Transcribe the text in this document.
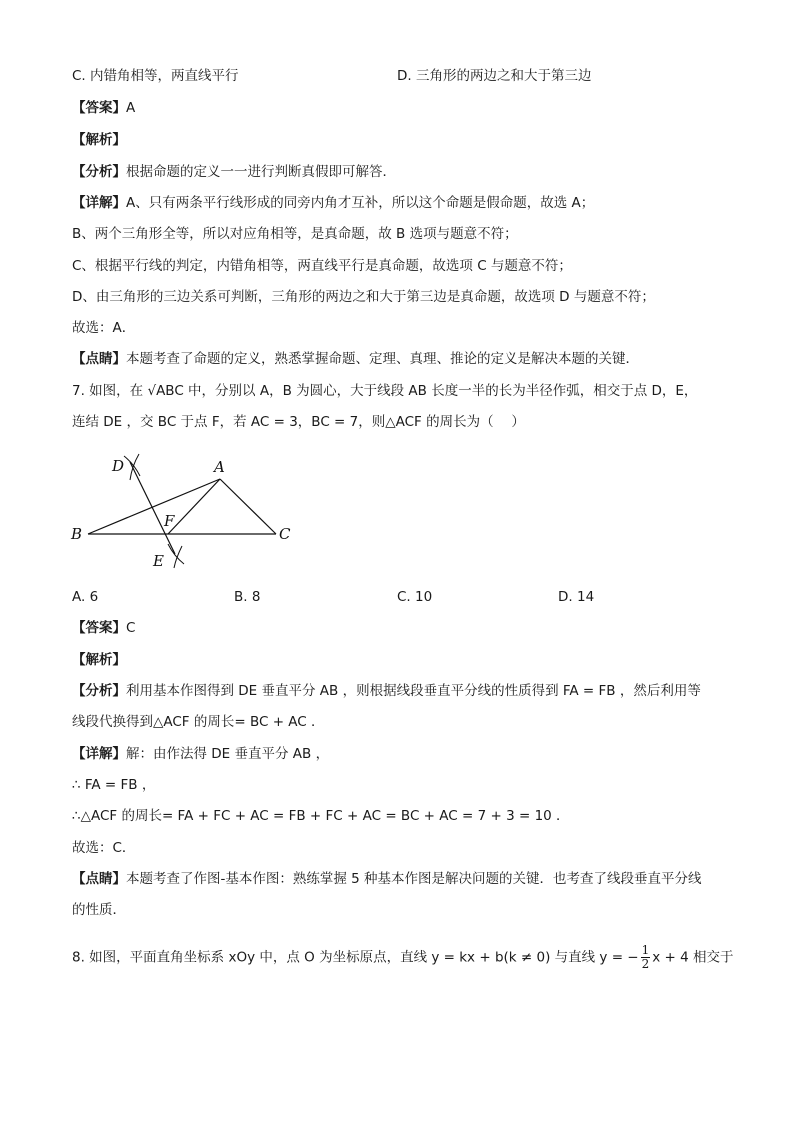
C. 内错角相等，两直线平行	D. 三角形的两边之和大于第三边
【答案】A
【解析】
【分析】根据命题的定义一一进行判断真假即可解答．
【详解】A、只有两条平行线形成的同旁内角才互补，所以这个命题是假命题，故选 A；
B、两个三角形全等，所以对应角相等，是真命题，故 B 选项与题意不符；
C、根据平行线的判定，内错角相等，两直线平行是真命题，故选项 C 与题意不符；
D、由三角形的三边关系可判断，三角形的两边之和大于第三边是真命题，故选项 D 与题意不符；
故选：A．
【点睛】本题考查了命题的定义，熟悉掌握命题、定理、真理、推论的定义是解决本题的关键．
7. 如图，在 √ABC 中，分别以 A，B 为圆心，大于线段 AB 长度一半的长为半径作弧，相交于点 D，E，
连结 DE ，交 BC 于点 F，若 AC = 3，BC = 7，则△ACF 的周长为（　 ）
D	A
B
F
C
E
A. 6	B. 8	C. 10	D. 14
【答案】C
【解析】
【分析】利用基本作图得到 DE 垂直平分 AB ，则根据线段垂直平分线的性质得到 FA = FB ，然后利用等
线段代换得到△ACF 的周长= BC + AC ．
【详解】解：由作法得 DE 垂直平分 AB ，
∴ FA = FB ，
∴△ACF 的周长= FA + FC + AC = FB + FC + AC = BC + AC = 7 + 3 = 10 ．
故选：C．
【点睛】本题考查了作图-基本作图：熟练掌握 5 种基本作图是解决问题的关键．也考查了线段垂直平分线
的性质．
8. 如图，平面直角坐标系 xOy 中，点 O 为坐标原点，直线 y = kx + b(k ≠ 0) 与直线 y = − $\frac{1}{2}$ x + 4 相交于
